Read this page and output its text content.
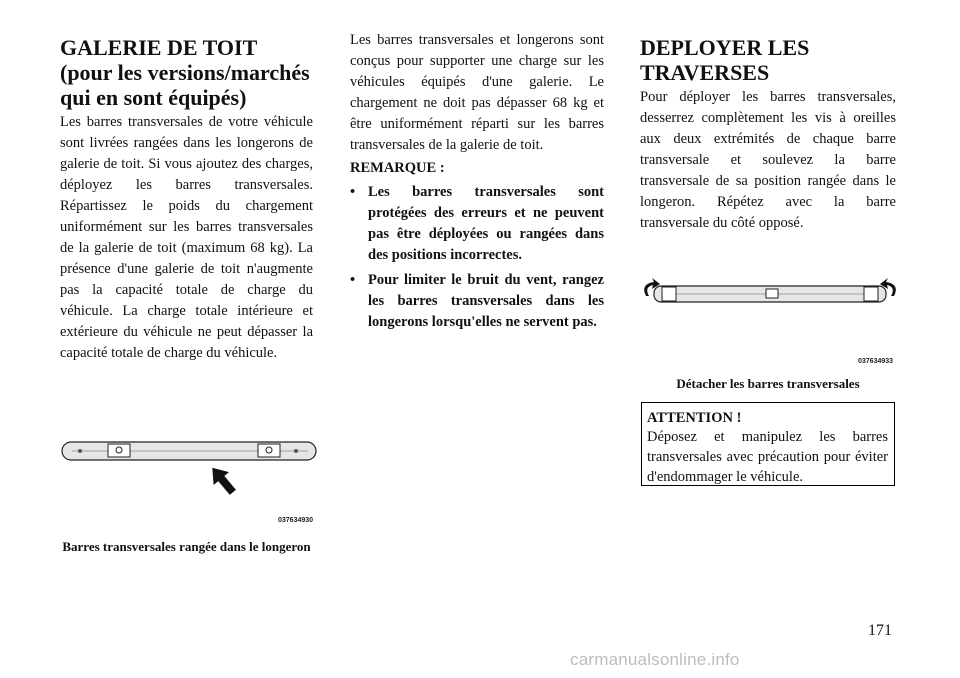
GALERIE DE TOIT (pour les versions/marchés qui en sont équipés)

Les barres transversales de votre véhicule sont livrées rangées dans les longerons de galerie de toit. Si vous ajoutez des charges, déployez les barres transversales. Répartissez le poids du chargement uniformément sur les barres transversales de la galerie de toit (maximum 68 kg). La présence d'une galerie de toit n'augmente pas la capacité totale de charge du véhicule. La charge totale intérieure et extérieure du véhicule ne peut dépasser la capacité totale de charge du véhicule.

Les barres transversales et longerons sont conçus pour supporter une charge sur les véhicules équipés d'une galerie. Le chargement ne doit pas dépasser 68 kg et être uniformément réparti sur les barres transversales de la galerie de toit.

REMARQUE :
• Les barres transversales sont protégées des erreurs et ne peuvent pas être déployées ou rangées dans des positions incorrectes.
• Pour limiter le bruit du vent, rangez les barres transversales dans les longerons lorsqu'elles ne servent pas.
DEPLOYER LES TRAVERSES

Pour déployer les barres transversales, desserrez complètement les vis à oreilles aux deux extrémités de chaque barre transversale et soulevez la barre transversale de sa position rangée dans le longeron. Répétez avec la barre transversale du côté opposé.

037634930
Barres transversales rangée dans le longeron
037634933
Détacher les barres transversales
ATTENTION !
Déposez et manipulez les barres transversales avec précaution pour éviter d'endommager le véhicule.
171
carmanualsonline.info
